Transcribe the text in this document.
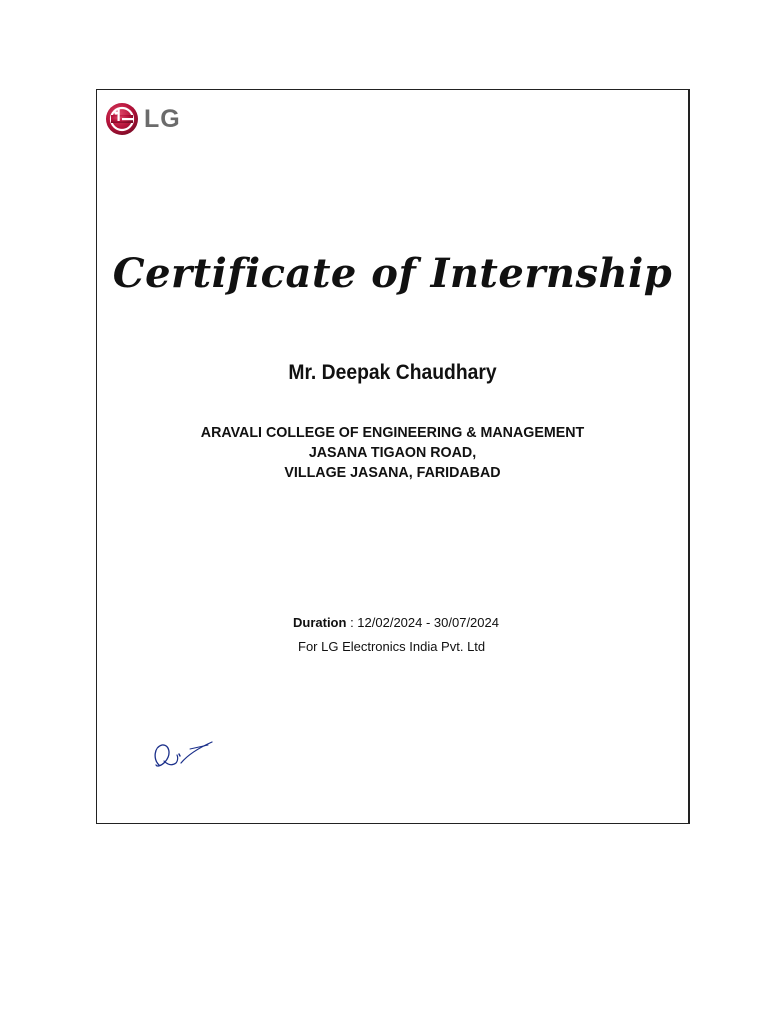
LG
Certificate of Internship
Mr. Deepak Chaudhary
ARAVALI COLLEGE OF ENGINEERING & MANAGEMENT
JASANA TIGAON ROAD,
VILLAGE JASANA, FARIDABAD
Duration : 12/02/2024 - 30/07/2024
For LG Electronics India Pvt. Ltd
